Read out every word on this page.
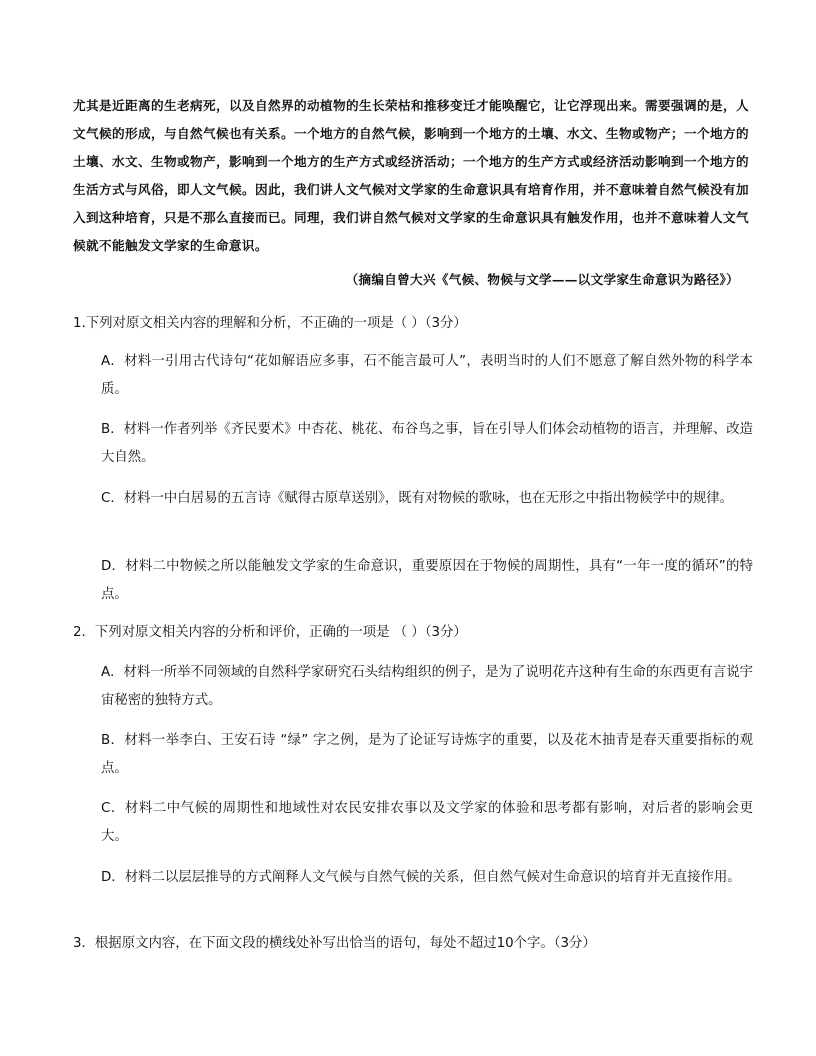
尤其是近距离的生老病死，以及自然界的动植物的生长荣枯和推移变迁才能唤醒它，让它浮现出来。需要强调的是，人文气候的形成，与自然气候也有关系。一个地方的自然气候，影响到一个地方的土壤、水文、生物或物产；一个地方的土壤、水文、生物或物产，影响到一个地方的生产方式或经济活动；一个地方的生产方式或经济活动影响到一个地方的生活方式与风俗，即人文气候。因此，我们讲人文气候对文学家的生命意识具有培育作用，并不意味着自然气候没有加入到这种培育，只是不那么直接而已。同理，我们讲自然气候对文学家的生命意识具有触发作用，也并不意味着人文气候就不能触发文学家的生命意识。
（摘编自曾大兴《气候、物候与文学——以文学家生命意识为路径》）
1.下列对原文相关内容的理解和分析，不正确的一项是（ ）（3分）
A．材料一引用古代诗句“花如解语应多事，石不能言最可人”，表明当时的人们不愿意了解自然外物的科学本质。
B．材料一作者列举《齐民要术》中杏花、桃花、布谷鸟之事，旨在引导人们体会动植物的语言，并理解、改造大自然。
C．材料一中白居易的五言诗《赋得古原草送别》，既有对物候的歌咏，也在无形之中指出物候学中的规律。
D．材料二中物候之所以能触发文学家的生命意识，重要原因在于物候的周期性，具有“一年一度的循环”的特点。
2．下列对原文相关内容的分析和评价，正确的一项是 （ ）（3分）
A．材料一所举不同领域的自然科学家研究石头结构组织的例子，是为了说明花卉这种有生命的东西更有言说宇宙秘密的独特方式。
B．材料一举李白、王安石诗 “绿” 字之例，是为了论证写诗炼字的重要，以及花木抽青是春天重要指标的观点。
C．材料二中气候的周期性和地域性对农民安排农事以及文学家的体验和思考都有影响，对后者的影响会更大。
D．材料二以层层推导的方式阐释人文气候与自然气候的关系，但自然气候对生命意识的培育并无直接作用。
3．根据原文内容，在下面文段的横线处补写出恰当的语句，每处不超过10个字。（3分）
